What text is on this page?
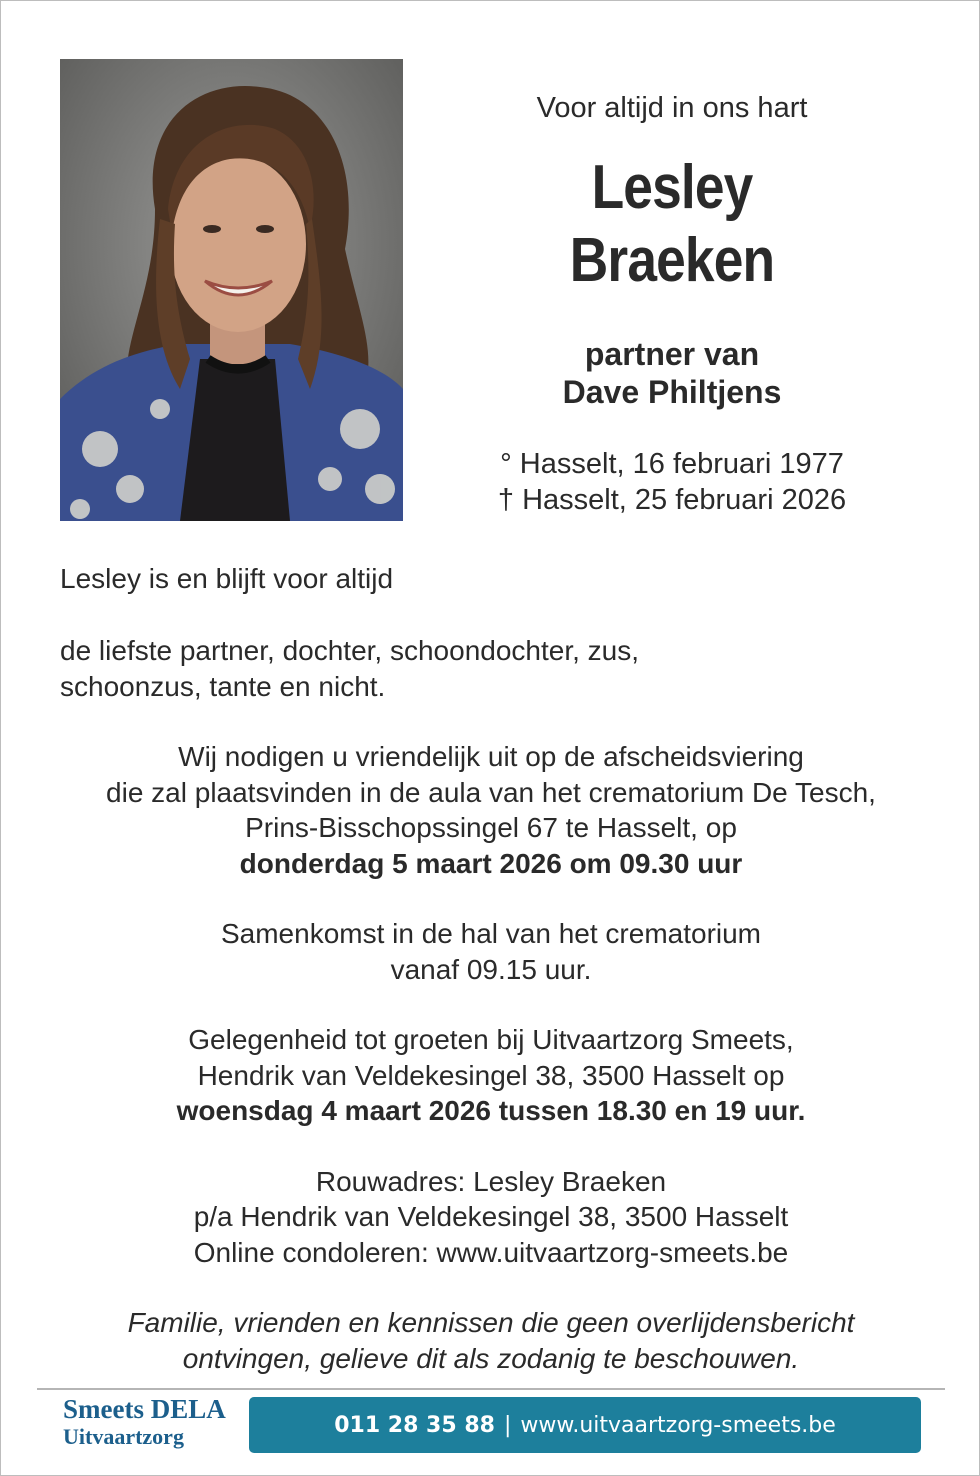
Voor altijd in ons hart

Lesley
Braeken
partner van
Dave Philtjens
° Hasselt, 16 februari 1977
† Hasselt, 25 februari 2026

Lesley is en blijft voor altijd

de liefste partner, dochter, schoondochter, zus,

schoonzus, tante en nicht.

Wij nodigen u vriendelijk uit op de afscheidsviering

die zal plaatsvinden in de aula van het crematorium De Tesch,

Prins-Bisschopssingel 67 te Hasselt, op

donderdag 5 maart 2026 om 09.30 uur

Samenkomst in de hal van het crematorium

vanaf 09.15 uur.

Gelegenheid tot groeten bij Uitvaartzorg Smeets,

Hendrik van Veldekesingel 38, 3500 Hasselt op

woensdag 4 maart 2026 tussen 18.30 en 19 uur.

Rouwadres: Lesley Braeken

p/a Hendrik van Veldekesingel 38, 3500 Hasselt

Online condoleren: www.uitvaartzorg-smeets.be

Familie, vrienden en kennissen die geen overlijdensbericht

ontvingen, gelieve dit als zodanig te beschouwen.

Smeets DELA
Uitvaartzorg	011 28 35 88 | www.uitvaartzorg-smeets.be
